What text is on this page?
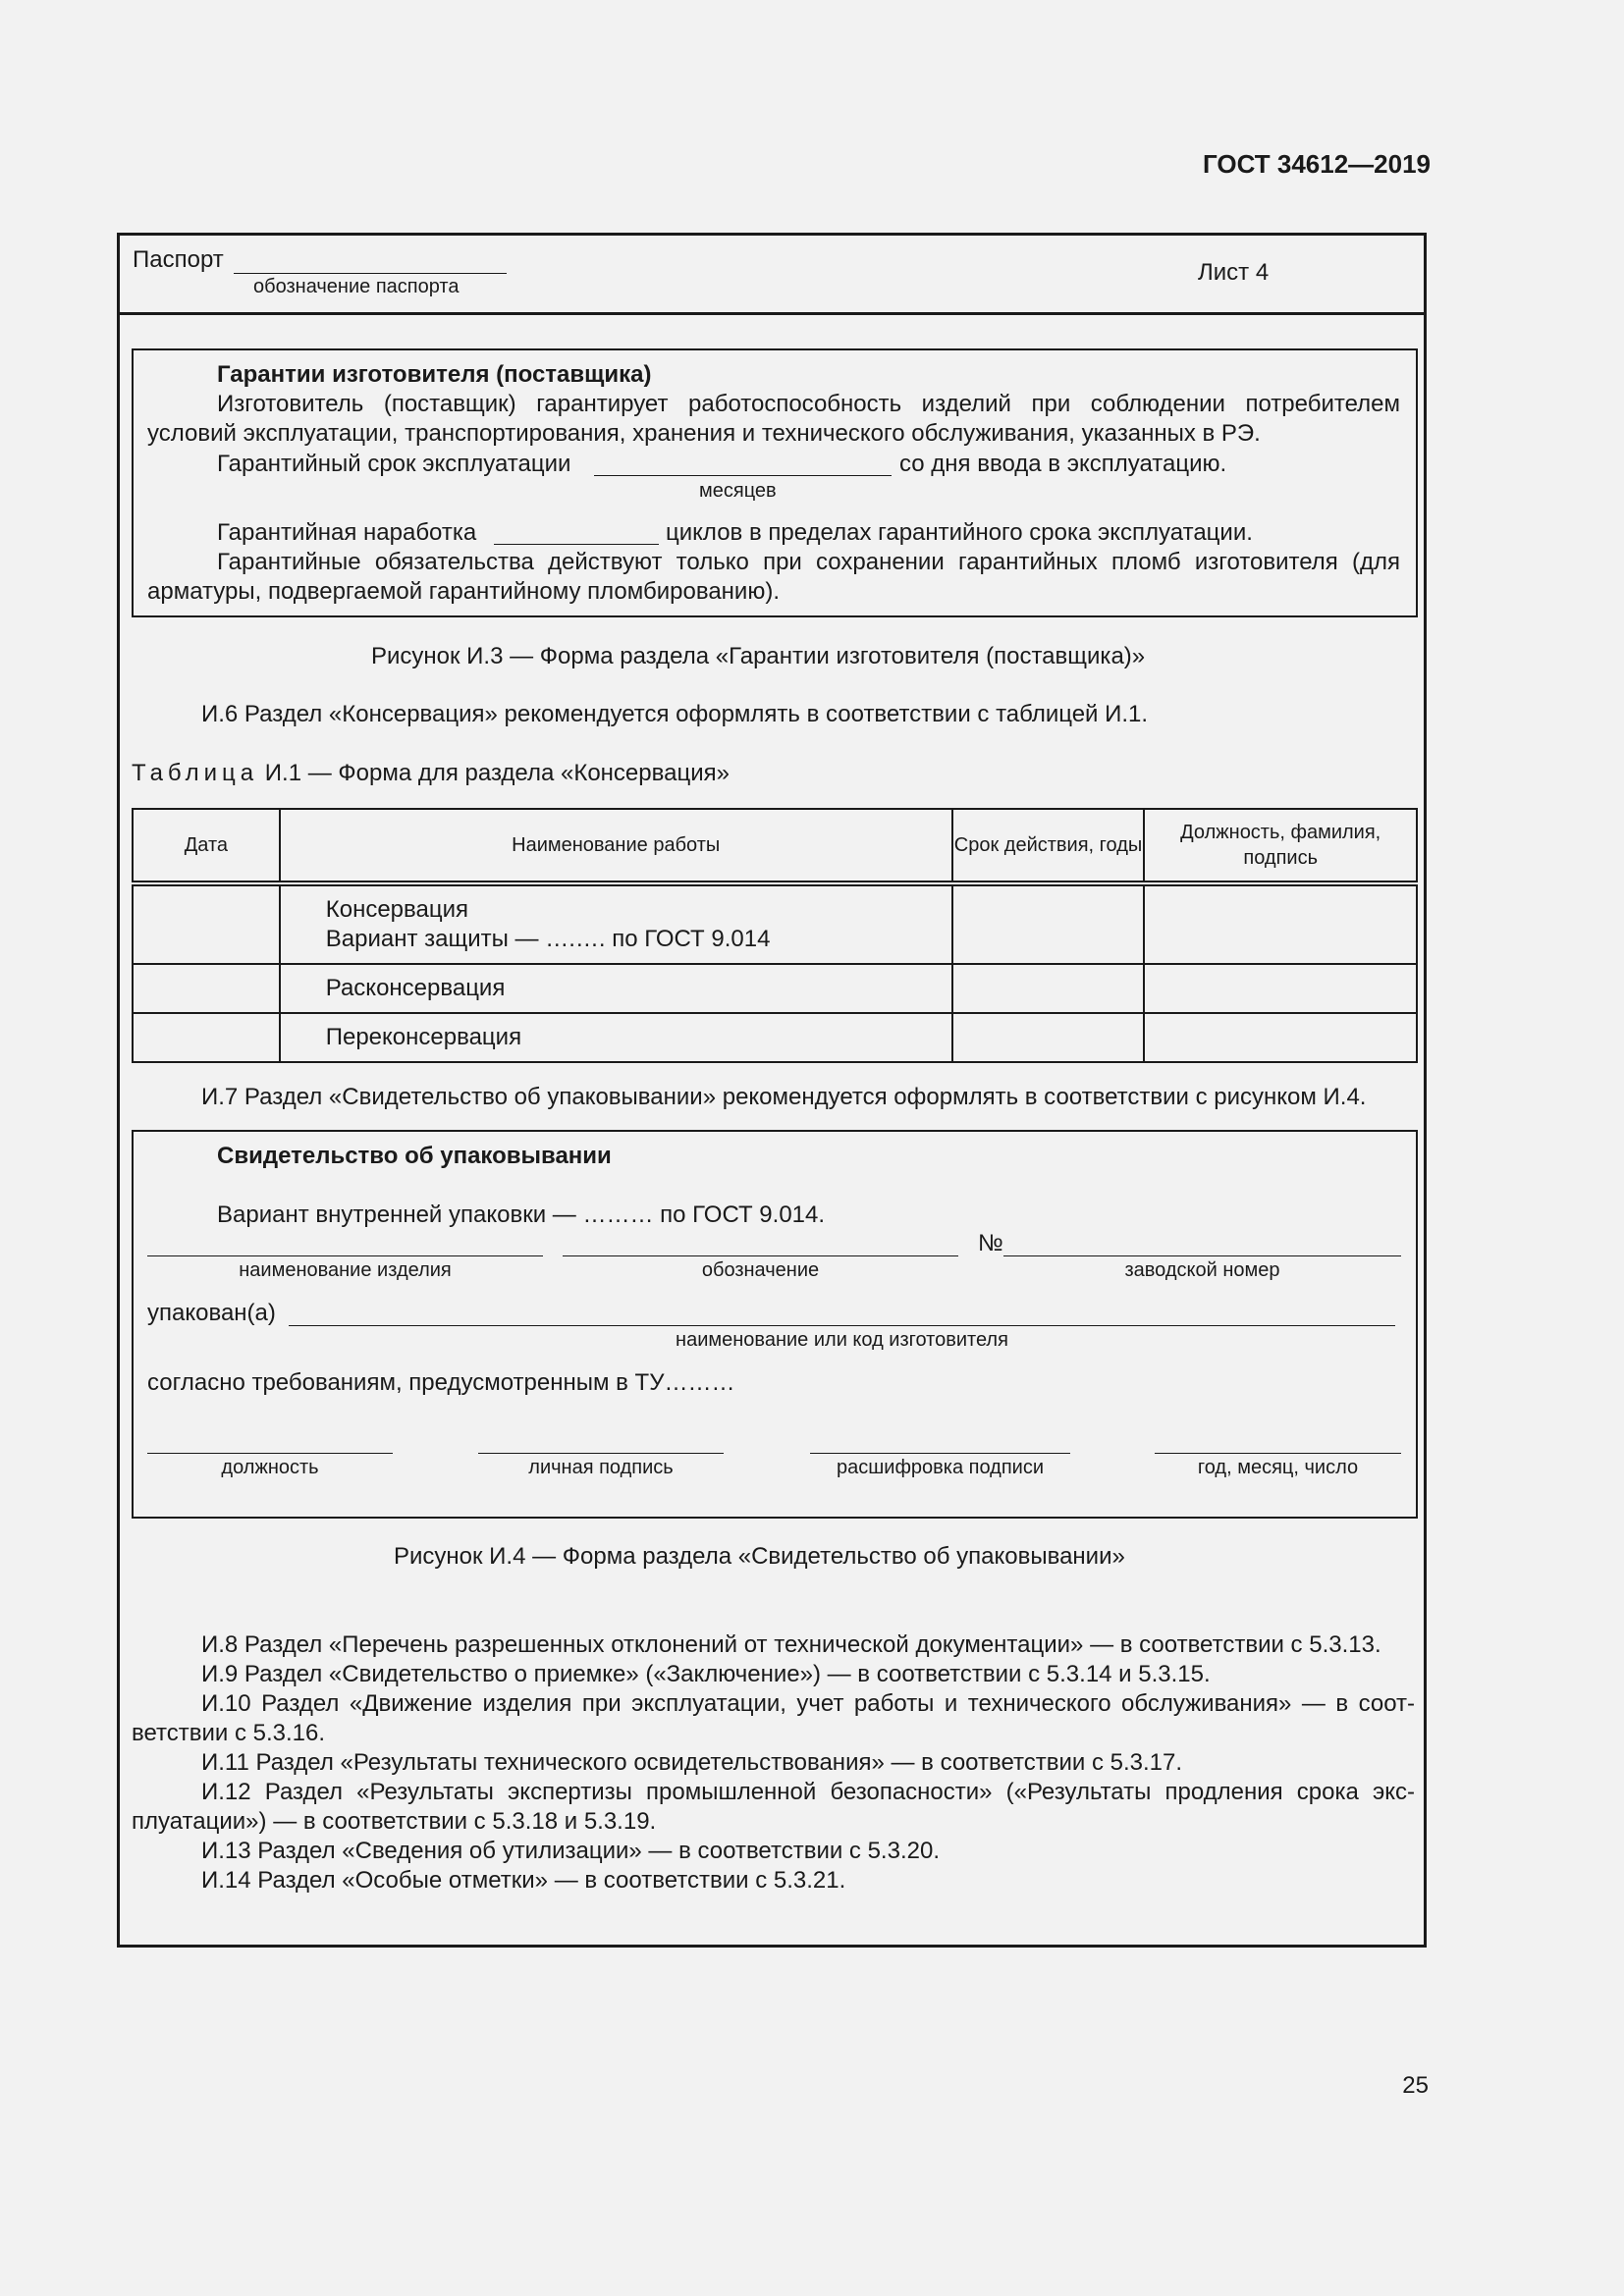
ГОСТ 34612—2019
Паспорт
обозначение паспорта
Лист 4
Гарантии изготовителя (поставщика)
Изготовитель (поставщик) гарантирует работоспособность изделий при соблюдении потребителем
условий эксплуатации, транспортирования, хранения и технического обслуживания, указанных в РЭ.
Гарантийный срок эксплуатации	со дня ввода в эксплуатацию.
месяцев
Гарантийная наработка	циклов в пределах гарантийного срока эксплуатации.
Гарантийные обязательства действуют только при сохранении гарантийных пломб изготовителя (для
арматуры, подвергаемой гарантийному пломбированию).
Рисунок И.3 — Форма раздела «Гарантии изготовителя (поставщика)»
И.6 Раздел «Консервация» рекомендуется оформлять в соответствии с таблицей И.1.
Таблица И.1 — Форма для раздела «Консервация»
Дата	Наименование работы	Срок действия, годы	Должность, фамилия, подпись

	Консервация
Вариант защиты — ….…. по ГОСТ 9.014		

	Расконсервация		
	Переконсервация		
И.7 Раздел «Свидетельство об упаковывании» рекомендуется оформлять в соответствии с рисунком И.4.
Свидетельство об упаковывании
Вариант внутренней упаковки — ……… по ГОСТ 9.014.
№
наименование изделия	обозначение	заводской номер
упакован(а)
наименование или код изготовителя
согласно требованиям, предусмотренным в ТУ………
должность	личная подпись	расшифровка подписи	год, месяц, число
Рисунок И.4 — Форма раздела «Свидетельство об упаковывании»
И.8 Раздел «Перечень разрешенных отклонений от технической документации» — в соответствии с 5.3.13.
И.9 Раздел «Свидетельство о приемке» («Заключение») — в соответствии с 5.3.14 и 5.3.15.
И.10 Раздел «Движение изделия при эксплуатации, учет работы и технического обслуживания» — в соот-
ветствии с 5.3.16.
И.11 Раздел «Результаты технического освидетельствования» — в соответствии с 5.3.17.
И.12 Раздел «Результаты экспертизы промышленной безопасности» («Результаты продления срока экс-
плуатации») — в соответствии с 5.3.18 и 5.3.19.
И.13 Раздел «Сведения об утилизации» — в соответствии с 5.3.20.
И.14 Раздел «Особые отметки» — в соответствии с 5.3.21.
25
